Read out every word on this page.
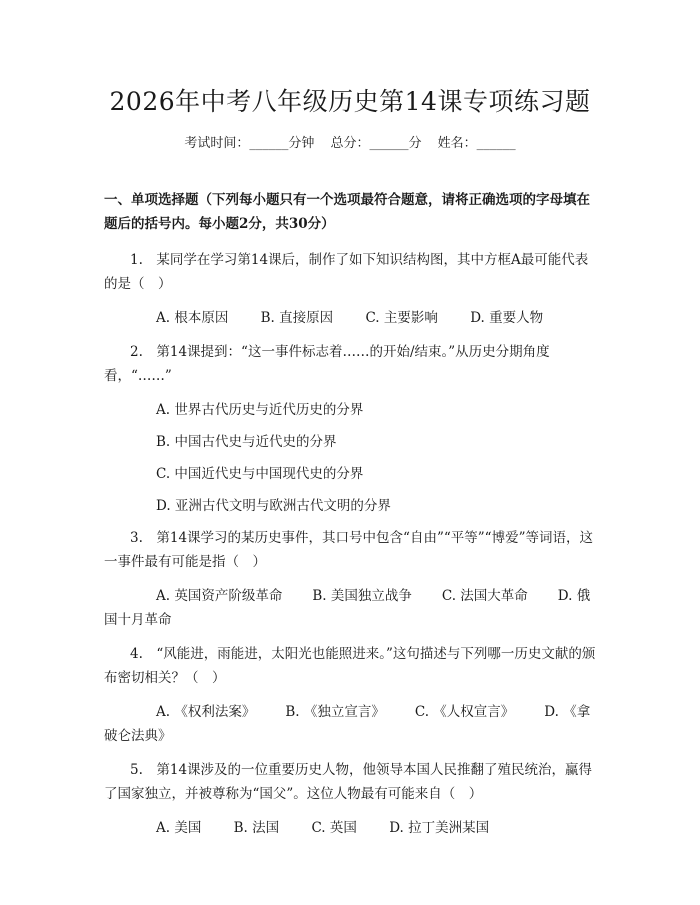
2026年中考八年级历史第14课专项练习题
考试时间：______分钟 总分：______分 姓名：______
一、单项选择题（下列每小题只有一个选项最符合题意，请将正确选项的字母填在题后的括号内。每小题2分，共30分）
1.　某同学在学习第14课后，制作了如下知识结构图，其中方框A最可能代表的是（　）
A. 根本原因 B. 直接原因 C. 主要影响 D. 重要人物
2.　第14课提到：“这一事件标志着……的开始/结束。”从历史分期角度看，“……”
A. 世界古代历史与近代历史的分界
B. 中国古代史与近代史的分界
C. 中国近代史与中国现代史的分界
D. 亚洲古代文明与欧洲古代文明的分界
3.　第14课学习的某历史事件，其口号中包含“自由”“平等”“博爱”等词语，这一事件最有可能是指（　）
A. 英国资产阶级革命 B. 美国独立战争 C. 法国大革命 D. 俄国十月革命
4.　“风能进，雨能进，太阳光也能照进来。”这句描述与下列哪一历史文献的颁布密切相关？（　）
A. 《权利法案》 B. 《独立宣言》 C. 《人权宣言》 D. 《拿破仑法典》
5.　第14课涉及的一位重要历史人物，他领导本国人民推翻了殖民统治，赢得了国家独立，并被尊称为“国父”。这位人物最有可能来自（　）
A. 美国 B. 法国 C. 英国 D. 拉丁美洲某国
